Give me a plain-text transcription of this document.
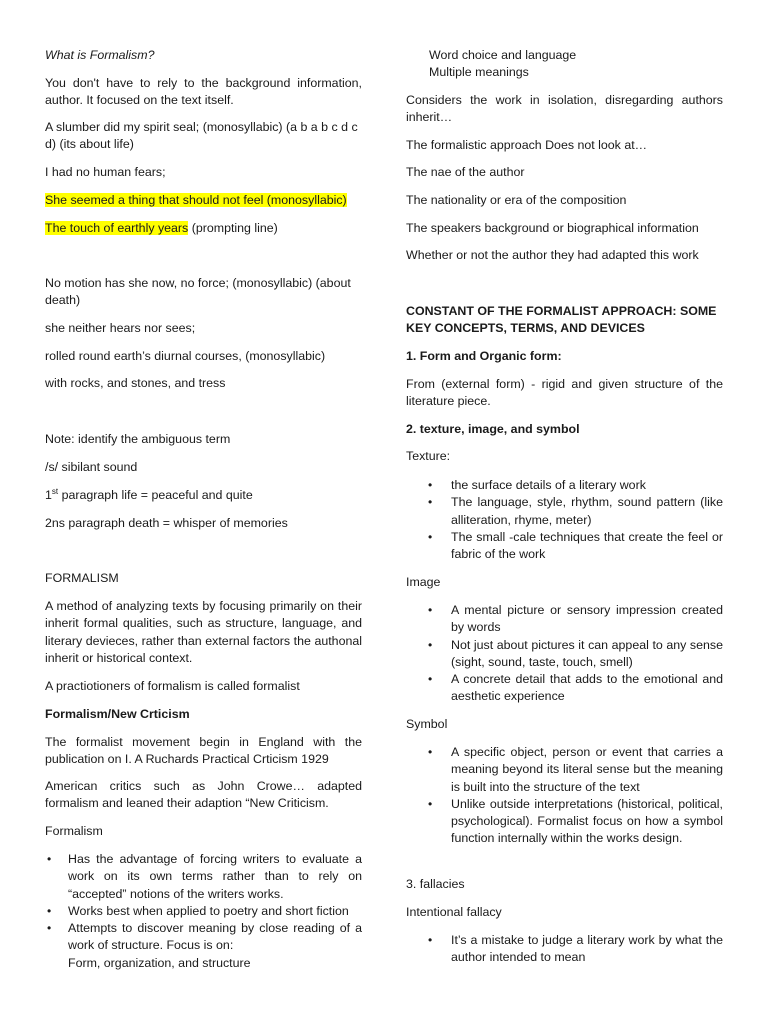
What is Formalism?
You don't have to rely to the background information, author. It focused on the text itself.
A slumber did my spirit seal; (monosyllabic) (a b a b c d c d) (its about life)
I had no human fears;
She seemed a thing that should not feel (monosyllabic)
The touch of earthly years (prompting line)
No motion has she now, no force; (monosyllabic) (about death)
she neither hears nor sees;
rolled round earth’s diurnal courses, (monosyllabic)
with rocks, and stones, and tress
Note: identify the ambiguous term
/s/ sibilant sound
1st paragraph life = peaceful and quite
2ns paragraph death = whisper of memories
FORMALISM
A method of analyzing texts by focusing primarily on their inherit formal qualities, such as structure, language, and literary devieces, rather than external factors the authonal inherit or historical context.
A practiotioners of formalism is called formalist
Formalism/New Crticism
The formalist movement begin in England with the publication on I. A Ruchards Practical Crticism 1929
American critics such as John Crowe… adapted formalism and leaned their adaption “New Criticism.
Formalism
• Has the advantage of forcing writers to evaluate a work on its own terms rather than to rely on “accepted” notions of the writers works.
• Works best when applied to poetry and short fiction
• Attempts to discover meaning by close reading of a work of structure. Focus is on:
Form, organization, and structure
Word choice and language
Multiple meanings
Considers the work in isolation, disregarding authors inherit…
The formalistic approach Does not look at…
The nae of the author
The nationality or era of the composition
The speakers background or biographical information
Whether or not the author they had adapted this work
CONSTANT OF THE FORMALIST APPROACH: SOME KEY CONCEPTS, TERMS, AND DEVICES
1. Form and Organic form:
From (external form) - rigid and given structure of the literature piece.
2. texture, image, and symbol
Texture:
• the surface details of a literary work
• The language, style, rhythm, sound pattern (like alliteration, rhyme, meter)
• The small -cale techniques that create the feel or fabric of the work
Image
• A mental picture or sensory impression created by words
• Not just about pictures it can appeal to any sense (sight, sound, taste, touch, smell)
• A concrete detail that adds to the emotional and aesthetic experience
Symbol
• A specific object, person or event that carries a meaning beyond its literal sense but the meaning is built into the structure of the text
• Unlike outside interpretations (historical, political, psychological). Formalist focus on how a symbol function internally within the works design.
3. fallacies
Intentional fallacy
• It’s a mistake to judge a literary work by what the author intended to mean
